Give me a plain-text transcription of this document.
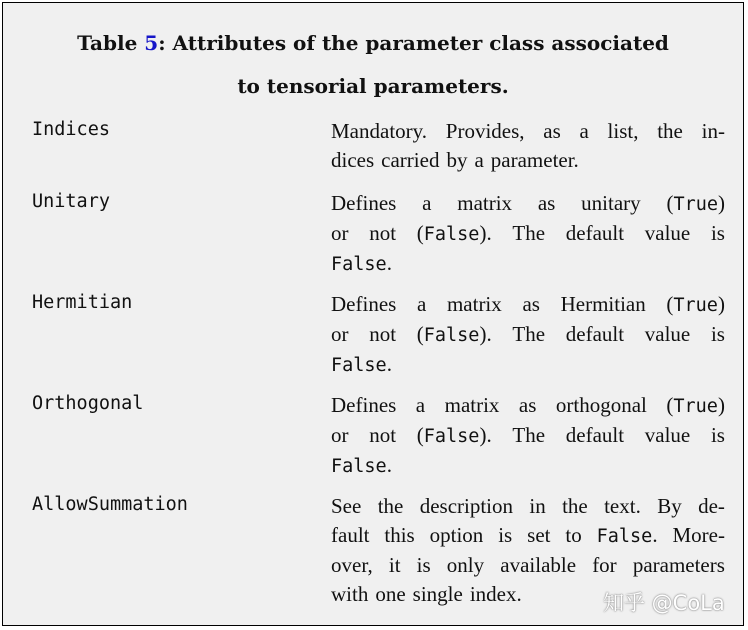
Table 5: Attributes of the parameter class associated
to tensorial parameters.
Indices	Mandatory. Provides, as a list, the in-
dices carried by a parameter.
Unitary	Defines a matrix as unitary (True)
or not (False). The default value is
False.
Hermitian	Defines a matrix as Hermitian (True)
or not (False). The default value is
False.
Orthogonal	Defines a matrix as orthogonal (True)
or not (False). The default value is
False.
AllowSummation	See the description in the text. By de-
fault this option is set to False. More-
over, it is only available for parameters
with one single index.	知乎 @CoLa
